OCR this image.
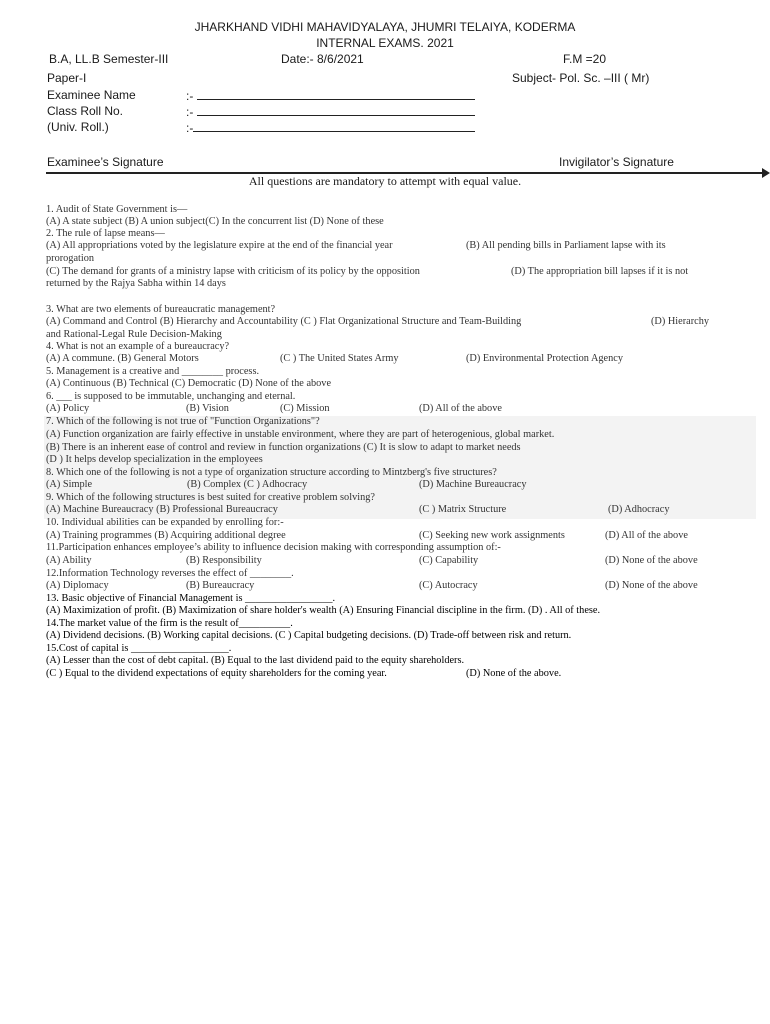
JHARKHAND VIDHI MAHAVIDYALAYA, JHUMRI TELAIYA, KODERMA
INTERNAL EXAMS. 2021
B.A, LL.B Semester-III	Date:- 8/6/2021	F.M =20
Paper-I	Subject- Pol. Sc. –III ( Mr)
Examinee Name	:-
Class Roll No.	:-
(Univ. Roll.)	:-
Examinee’s Signature	Invigilator’s Signature
All questions are mandatory to attempt with equal value.
1. Audit of State Government is—
(A) A state subject (B) A union subject(C) In the concurrent list (D) None of these
2. The rule of lapse means—
(A) All appropriations voted by the legislature expire at the end of the financial year	(B) All pending bills in Parliament lapse with its
prorogation
(C) The demand for grants of a ministry lapse with criticism of its policy by the opposition	(D) The appropriation bill lapses if it is not
returned by the Rajya Sabha within 14 days
3. What are two elements of bureaucratic management?
(A) Command and Control (B) Hierarchy and Accountability (C ) Flat Organizational Structure and Team-Building	(D) Hierarchy
and Rational-Legal Rule Decision-Making
4. What is not an example of a bureaucracy?
(A) A commune. (B) General Motors	(C ) The United States Army	(D) Environmental Protection Agency
5. Management is a creative and ________ process.
(A) Continuous (B) Technical (C) Democratic (D) None of the above
6. ___ is supposed to be immutable, unchanging and eternal.
(A) Policy	(B) Vision	(C) Mission	(D) All of the above
7. Which of the following is not true of "Function Organizations"?
(A) Function organization are fairly effective in unstable environment, where they are part of heterogenious, global market.
(B) There is an inherent ease of control and review in function organizations (C) It is slow to adapt to market needs
(D ) It helps develop specialization in the employees
8. Which one of the following is not a type of organization structure according to Mintzberg's five structures?
(A) Simple	(B) Complex (C ) Adhocracy	(D) Machine Bureaucracy
9. Which of the following structures is best suited for creative problem solving?
(A) Machine Bureaucracy (B) Professional Bureaucracy	(C ) Matrix Structure	(D) Adhocracy
10. Individual abilities can be expanded by enrolling for:-
(A) Training programmes (B) Acquiring additional degree	(C) Seeking new work assignments	(D) All of the above
11.Participation enhances employee’s ability to influence decision making with corresponding assumption of:-
(A) Ability	(B) Responsibility	(C) Capability	(D) None of the above
12.Information Technology reverses the effect of ________.
(A) Diplomacy	(B) Bureaucracy	(C) Autocracy	(D) None of the above
13. Basic objective of Financial Management is _________________.
(A) Maximization of profit. (B) Maximization of share holder's wealth (A) Ensuring Financial discipline in the firm. (D) . All of these.
14.The market value of the firm is the result of__________.
(A) Dividend decisions. (B) Working capital decisions. (C ) Capital budgeting decisions. (D) Trade-off between risk and return.
15.Cost of capital is ___________________.
(A) Lesser than the cost of debt capital. (B) Equal to the last dividend paid to the equity shareholders.
(C ) Equal to the dividend expectations of equity shareholders for the coming year.	(D) None of the above.
